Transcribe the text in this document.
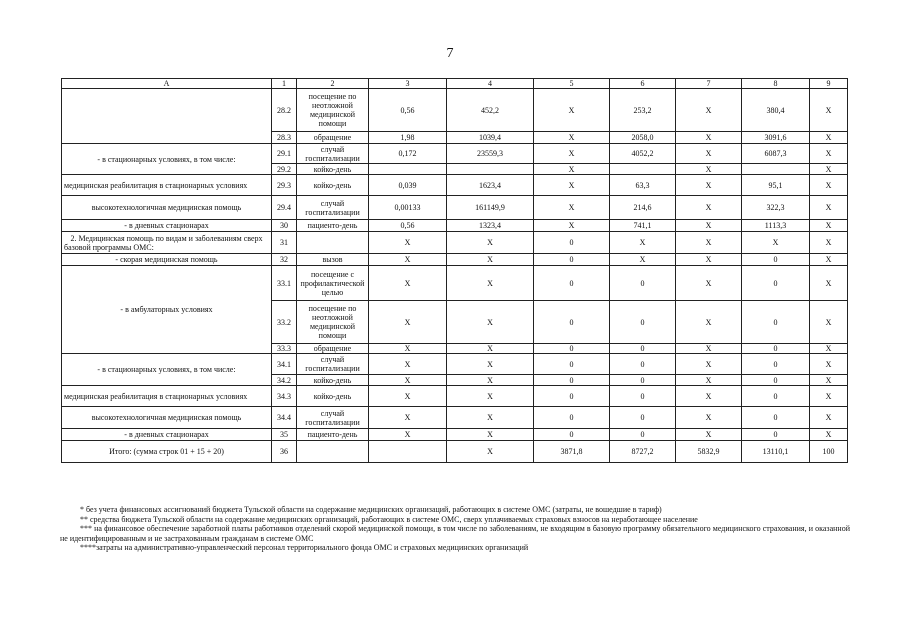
7
А	1	2	3	4	5	6	7	8	9
	28.2	посещение по неотложной медицинской помощи	0,56	452,2	Х	253,2	Х	380,4	Х
	28.3	обращение	1,98	1039,4	Х	2058,0	Х	3091,6	Х
- в стационарных условиях, в том числе:	29.1	случай госпитализации	0,172	23559,3	Х	4052,2	Х	6087,3	Х
	29.2	койко-день			Х		Х		Х
медицинская реабилитация в стационарных условиях	29.3	койко-день	0,039	1623,4	Х	63,3	Х	95,1	Х
высокотехнологичная медицинская помощь	29.4	случай госпитализации	0,00133	161149,9	Х	214,6	Х	322,3	Х
- в дневных стационарах	30	пациенто-день	0,56	1323,4	Х	741,1	Х	1113,3	Х
2. Медицинская помощь по видам и заболеваниям сверх базовой программы ОМС:	31		Х	Х	0	Х	Х	Х	Х
- скорая медицинская помощь	32	вызов	Х	Х	0	Х	Х	0	Х
- в амбулаторных условиях	33.1	посещение с профилактической целью	Х	Х	0	0	Х	0	Х
	33.2	посещение по неотложной медицинской помощи	Х	Х	0	0	Х	0	Х
	33.3	обращение	Х	Х	0	0	Х	0	Х
- в стационарных условиях, в том числе:	34.1	случай госпитализации	Х	Х	0	0	Х	0	Х
	34.2	койко-день	Х	Х	0	0	Х	0	Х
медицинская реабилитация в стационарных условиях	34.3	койко-день	Х	Х	0	0	Х	0	Х
высокотехнологичная медицинская помощь	34.4	случай госпитализации	Х	Х	0	0	Х	0	Х
- в дневных стационарах	35	пациенто-день	Х	Х	0	0	Х	0	Х
Итого: (сумма строк 01 + 15 + 20)	36			Х	3871,8	8727,2	5832,9	13110,1	100

* без учета финансовых ассигнований бюджета Тульской области на содержание медицинских организаций, работающих в системе ОМС (затраты, не вошедшие в тариф)

** средства бюджета Тульской области на содержание медицинских организаций, работающих в системе ОМС, сверх уплачиваемых страховых взносов на неработающее население

*** на финансовое обеспечение заработной платы работников отделений скорой медицинской помощи, в том числе по заболеваниям, не входящим в базовую программу обязательного медицинского страхования, и оказанной не идентифицированным и не застрахованным гражданам в системе ОМС

****затраты на административно-управленческий персонал территориального фонда ОМС и страховых медицинских организаций
